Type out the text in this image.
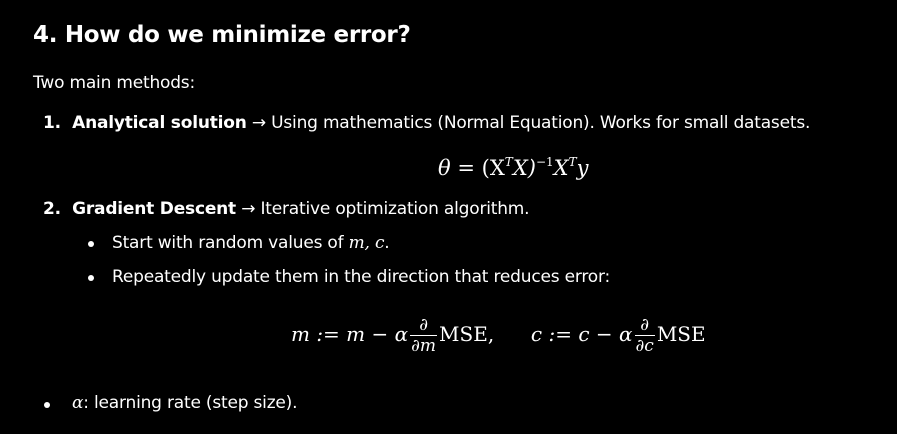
4. How do we minimize error?
Two main methods:
1. Analytical solution → Using mathematics (Normal Equation). Works for small datasets.
$\theta = (X^TX)^{-1}X^Ty$
2. Gradient Descent → Iterative optimization algorithm.
Start with random values of m, c.
Repeatedly update them in the direction that reduces error:
m := m − α $\frac{\partial}{\partial m}$ MSE, c := c − α $\frac{\partial}{\partial c}$ MSE
α: learning rate (step size).
